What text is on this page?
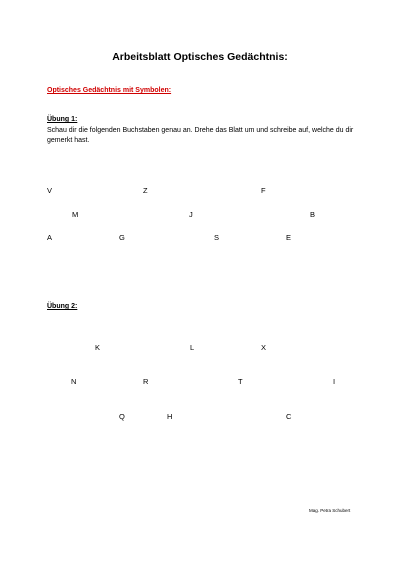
Arbeitsblatt Optisches Gedächtnis:
Optisches Gedächtnis mit Symbolen:
Übung 1:
Schau dir die folgenden Buchstaben genau an. Drehe das Blatt um und schreibe auf, welche du dir gemerkt hast.
V	Z	F
M	J	B
A	G	S	E
Übung 2:
K	L	X
N	R	T	I
Q	H	C
Mag. Petra Schubert
